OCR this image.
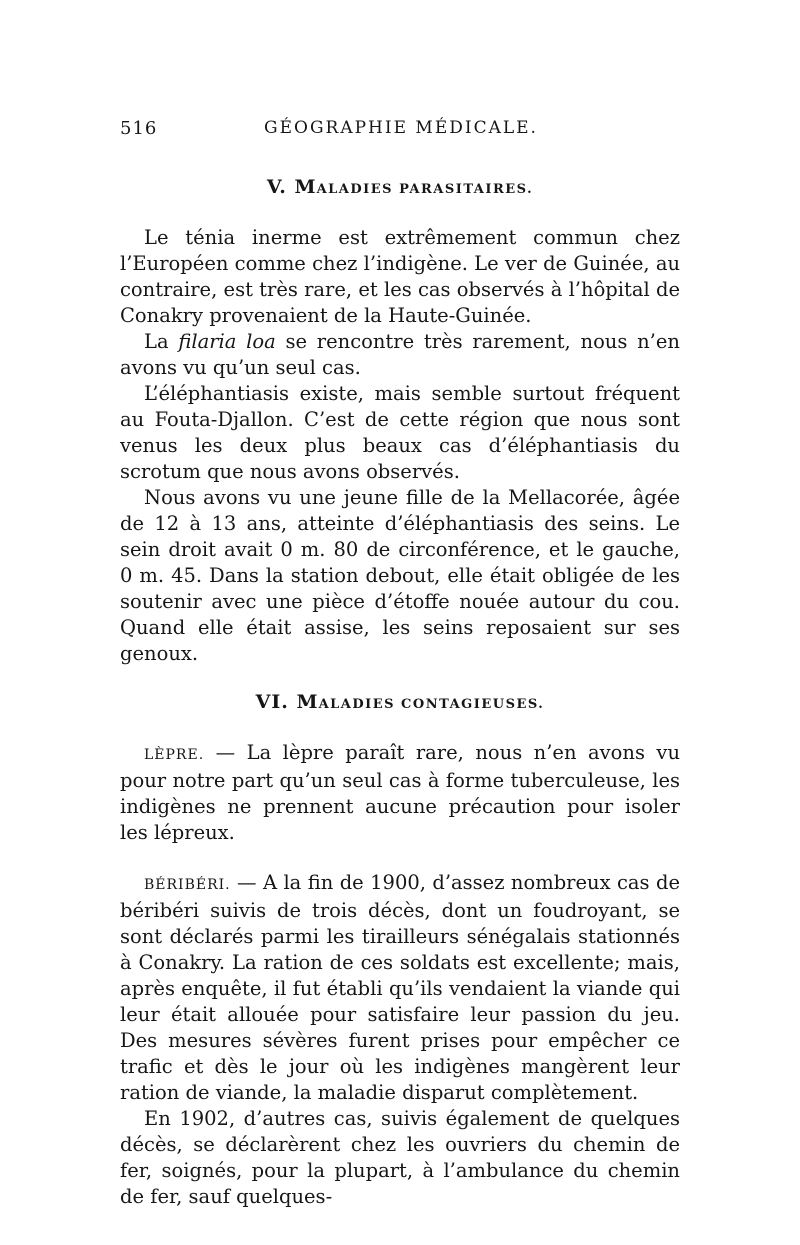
516	GÉOGRAPHIE MÉDICALE.
V. MALADIES PARASITAIRES.

Le ténia inerme est extrêmement commun chez l’Européen comme chez l’indigène. Le ver de Guinée, au contraire, est très rare, et les cas observés à l’hôpital de Conakry provenaient de la Haute-Guinée.

La filaria loa se rencontre très rarement, nous n’en avons vu qu’un seul cas.

L’éléphantiasis existe, mais semble surtout fréquent au Fouta-Djallon. C’est de cette région que nous sont venus les deux plus beaux cas d’éléphantiasis du scrotum que nous avons observés.

Nous avons vu une jeune fille de la Mellacorée, âgée de 12 à 13 ans, atteinte d’éléphantiasis des seins. Le sein droit avait 0 m. 80 de circonférence, et le gauche, 0 m. 45. Dans la station debout, elle était obligée de les soutenir avec une pièce d’étoffe nouée autour du cou. Quand elle était assise, les seins reposaient sur ses genoux.

VI. MALADIES CONTAGIEUSES.

LÈPRE. — La lèpre paraît rare, nous n’en avons vu pour notre part qu’un seul cas à forme tuberculeuse, les indigènes ne prennent aucune précaution pour isoler les lépreux.

BÉRIBÉRI. — A la fin de 1900, d’assez nombreux cas de béribéri suivis de trois décès, dont un foudroyant, se sont déclarés parmi les tirailleurs sénégalais stationnés à Conakry. La ration de ces soldats est excellente; mais, après enquête, il fut établi qu’ils vendaient la viande qui leur était allouée pour satisfaire leur passion du jeu. Des mesures sévères furent prises pour empêcher ce trafic et dès le jour où les indigènes mangèrent leur ration de viande, la maladie disparut complètement.

En 1902, d’autres cas, suivis également de quelques décès, se déclarèrent chez les ouvriers du chemin de fer, soignés, pour la plupart, à l’ambulance du chemin de fer, sauf quelques-
